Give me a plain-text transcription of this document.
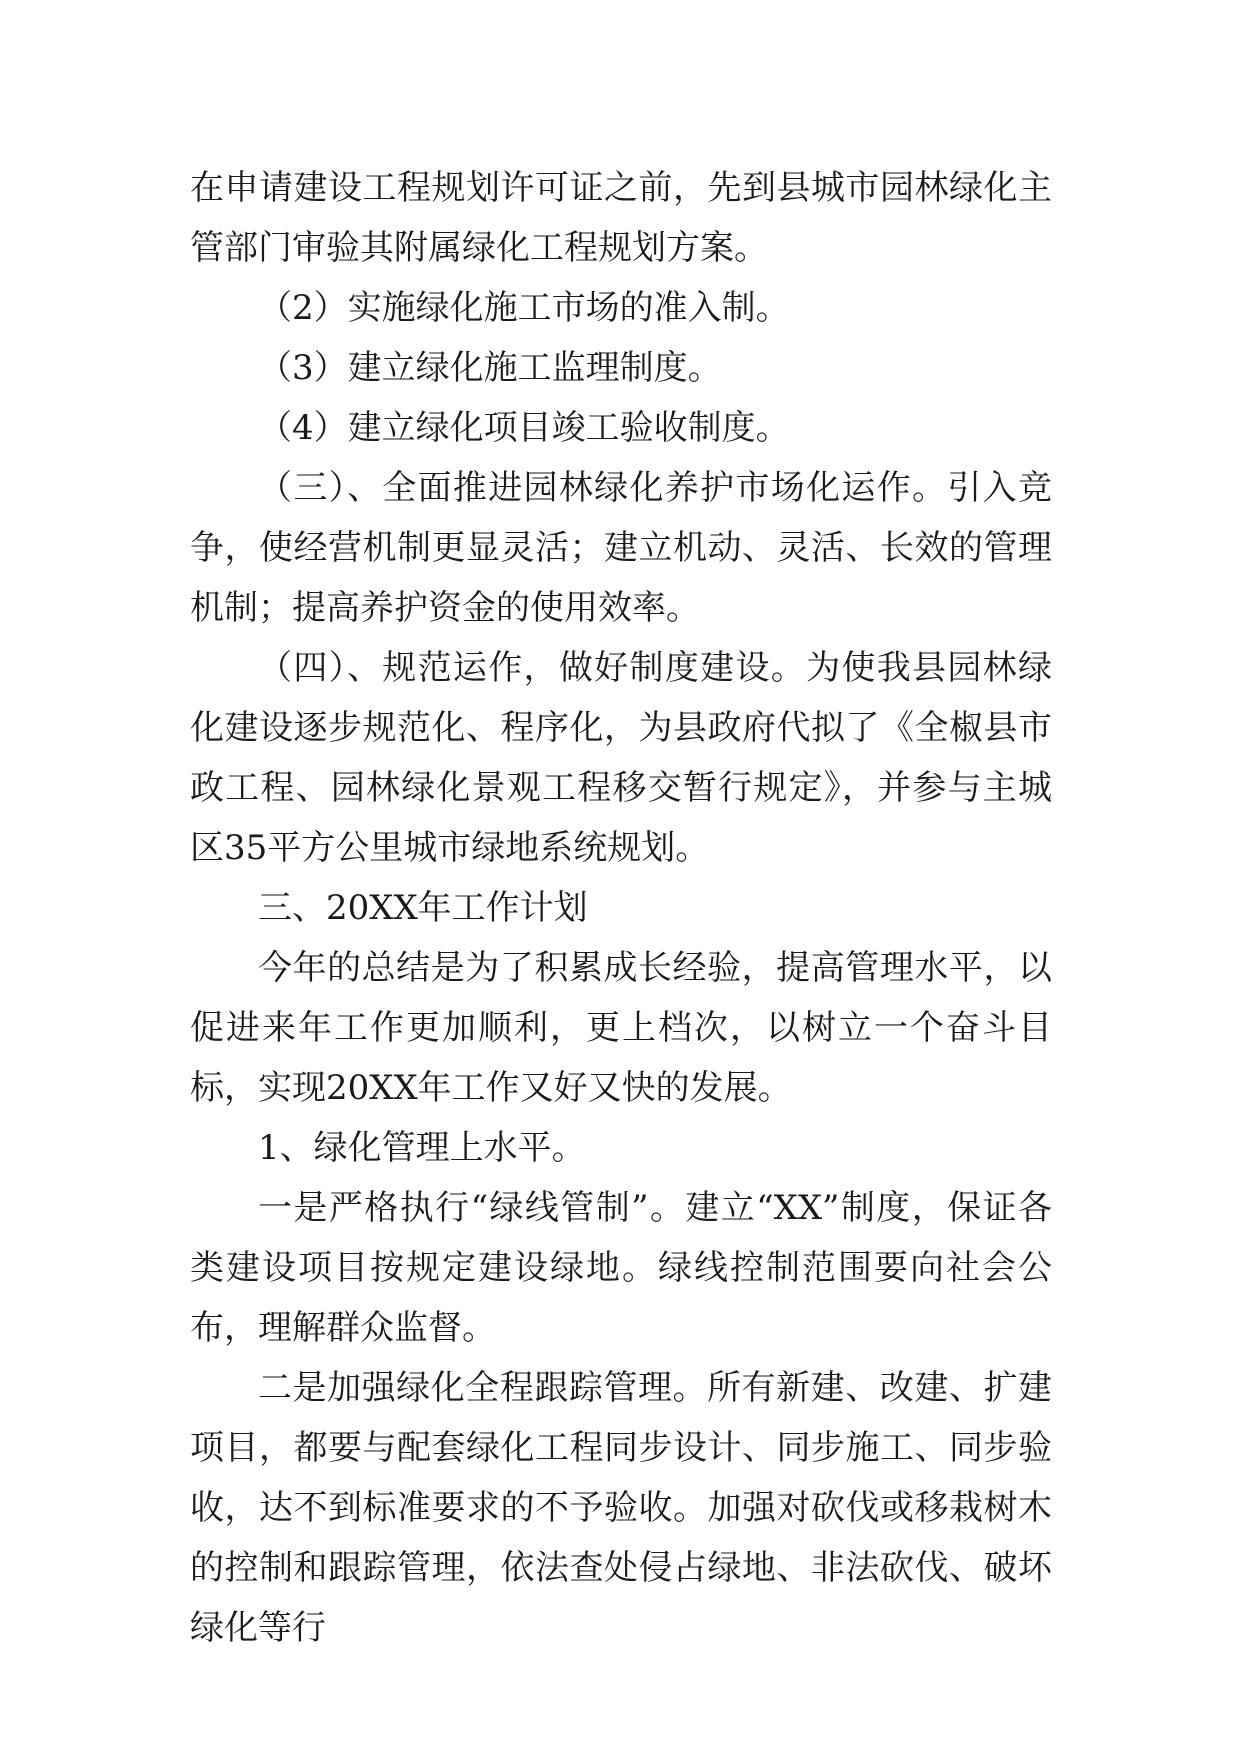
在申请建设工程规划许可证之前，先到县城市园林绿化主管部门审验其附属绿化工程规划方案。

（2）实施绿化施工市场的准入制。

（3）建立绿化施工监理制度。

（4）建立绿化项目竣工验收制度。

（三）、全面推进园林绿化养护市场化运作。引入竞争，使经营机制更显灵活；建立机动、灵活、长效的管理机制；提高养护资金的使用效率。

（四）、规范运作，做好制度建设。为使我县园林绿化建设逐步规范化、程序化，为县政府代拟了《全椒县市政工程、园林绿化景观工程移交暂行规定》，并参与主城区35平方公里城市绿地系统规划。

三、20XX年工作计划

今年的总结是为了积累成长经验，提高管理水平，以促进来年工作更加顺利，更上档次，以树立一个奋斗目标，实现20XX年工作又好又快的发展。

1、绿化管理上水平。

一是严格执行“绿线管制”。建立“XX”制度，保证各类建设项目按规定建设绿地。绿线控制范围要向社会公布，理解群众监督。

二是加强绿化全程跟踪管理。所有新建、改建、扩建项目，都要与配套绿化工程同步设计、同步施工、同步验收，达不到标准要求的不予验收。加强对砍伐或移栽树木的控制和跟踪管理，依法查处侵占绿地、非法砍伐、破坏绿化等行
